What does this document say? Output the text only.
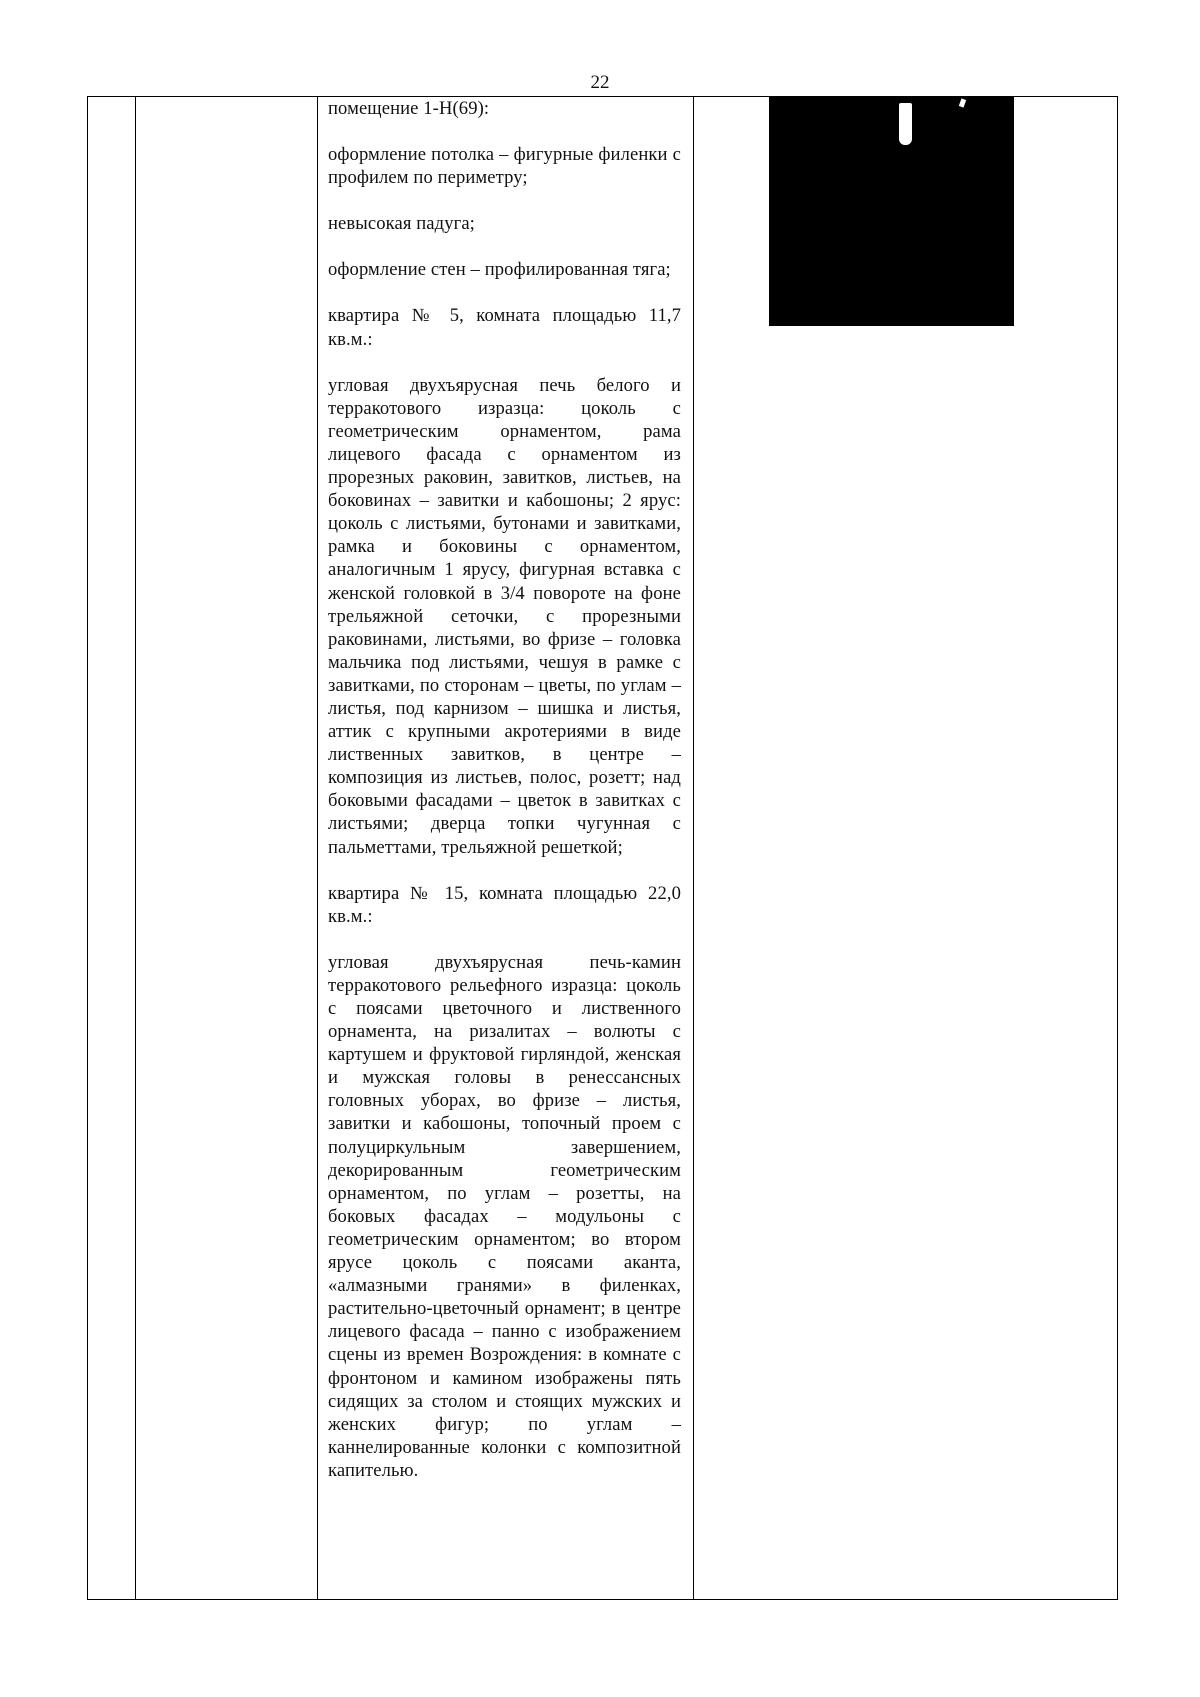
22

помещение 1-Н(69):

оформление потолка – фигурные филенки с профилем по периметру;

невысокая падуга;

оформление стен – профилированная тяга;

квартира № 5, комната площадью 11,7 кв.м.:

угловая двухъярусная печь белого и терракотового изразца: цоколь с геометрическим орнаментом, рама лицевого фасада с орнаментом из прорезных раковин, завитков, листьев, на боковинах – завитки и кабошоны; 2 ярус: цоколь с листьями, бутонами и завитками, рамка и боковины с орнаментом, аналогичным 1 ярусу, фигурная вставка с женской головкой в 3/4 повороте на фоне трельяжной сеточки, с прорезными раковинами, листьями, во фризе – головка мальчика под листьями, чешуя в рамке с завитками, по сторонам – цветы, по углам – листья, под карнизом – шишка и листья, аттик с крупными акротериями в виде лиственных завитков, в центре – композиция из листьев, полос, розетт; над боковыми фасадами – цветок в завитках с листьями; дверца топки чугунная с пальметтами, трельяжной решеткой;

квартира № 15, комната площадью 22,0 кв.м.:

угловая двухъярусная печь-камин терракотового рельефного изразца: цоколь с поясами цветочного и лиственного орнамента, на ризалитах – волюты с картушем и фруктовой гирляндой, женская и мужская головы в ренессансных головных уборах, во фризе – листья, завитки и кабошоны, топочный проем с полуциркульным завершением, декорированным геометрическим орнаментом, по углам – розетты, на боковых фасадах – модульоны с геометрическим орнаментом; во втором ярусе цоколь с поясами аканта, «алмазными гранями» в филенках, растительно-цветочный орнамент; в центре лицевого фасада – панно с изображением сцены из времен Возрождения: в комнате с фронтоном и камином изображены пять сидящих за столом и стоящих мужских и женских фигур; по углам – каннелированные колонки с композитной капителью.
